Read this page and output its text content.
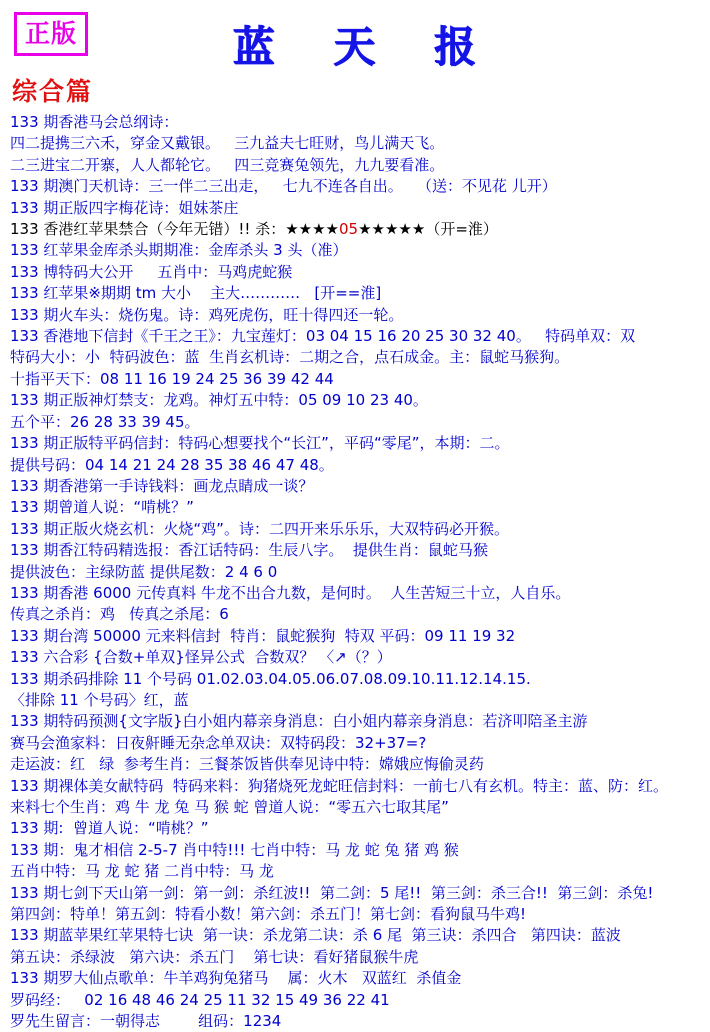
正版	蓝 天 报
综合篇
133 期香港马会总纲诗：
四二提携三六禾，穿金又戴银。   三九益夫七旺财，鸟儿满天飞。
二三进宝二开寨，人人都轮它。   四三竞赛兔领先，九九要看准。
133 期澳门天机诗：三一伴二三出走，   七九不连各自出。   （送：不见花 儿开）
133 期正版四字梅花诗：姐妹茶庄
133 香港红苹果禁合（今年无错）!! 杀：★★★★05★★★★★（开=淮）
133 红苹果金库杀头期期准：金库杀头 3 头（准）
133 博特码大公开     五肖中：马鸡虎蛇猴
133 红苹果※期期 tm 大小    主大…………   [开==淮]
133 期火车头：烧伤鬼。诗：鸡死虎伤，旺十得四还一轮。
133 香港地下信封《千王之王》：九宝莲灯：03 04 15 16 20 25 30 32 40。   特码单双：双
特码大小：小  特码波色：蓝  生肖玄机诗：二期之合，点石成金。主：鼠蛇马猴狗。
十指平天下：08 11 16 19 24 25 36 39 42 44
133 期正版神灯禁支：龙鸡。神灯五中特：05 09 10 23 40。
五个平：26 28 33 39 45。
133 期正版特平码信封：特码心想要找个“长江”，平码“零尾”，本期：二。
提供号码：04 14 21 24 28 35 38 46 47 48。
133 期香港第一手诗钱料：画龙点睛成一谈？
133 期曾道人说：“啃桃？”
133 期正版火烧玄机：火烧“鸡”。诗：二四开来乐乐乐，大双特码必开猴。
133 期香江特码精选报：香江话特码：生辰八字。  提供生肖：鼠蛇马猴
提供波色：主绿防蓝 提供尾数：2 4 6 0
133 期香港 6000 元传真料 牛龙不出合九数，是何时。  人生苦短三十立，人自乐。
传真之杀肖：鸡   传真之杀尾：6
133 期台湾 50000 元来料信封  特肖：鼠蛇猴狗  特双 平码：09 11 19 32
133 六合彩 {合数+单双}怪异公式  合数双？ 〈↗（？）
133 期杀码排除 11 个号码 01.02.03.04.05.06.07.08.09.10.11.12.14.15.
〈排除 11 个号码〉红，蓝
133 期特码预测{文字版}白小姐内幕亲身消息：白小姐内幕亲身消息：若济叩陪圣主游
赛马会渔家料：日夜鼾睡无杂念单双诀：双特码段：32+37=?
走运波：红   绿  参考生肖：三餐茶饭皆供奉见诗中特：嫦娥应悔偷灵药
133 期裸体美女献特码  特码来料：狗猪烧死龙蛇旺信封料：一前七八有玄机。特主：蓝、防：红。
来料七个生肖：鸡 牛 龙 兔 马 猴 蛇 曾道人说：“零五六七取其尾”
133 期:  曾道人说：“啃桃？”
133 期：鬼才相信 2-5-7 肖中特!!! 七肖中特：马 龙 蛇 兔 猪 鸡 猴
五肖中特：马 龙 蛇 猪 二肖中特：马 龙
133 期七剑下天山第一剑：第一剑：杀红波!!  第二剑：5 尾!!  第三剑：杀三合!!  第三剑：杀兔!
第四剑：特单！第五剑：特看小数！第六剑：杀五门！第七剑：看狗鼠马牛鸡!
133 期蓝苹果红苹果特七诀  第一诀：杀龙第二诀：杀 6 尾  第三诀：杀四合   第四诀：蓝波
第五诀：杀绿波   第六诀：杀五门    第七诀：看好猪鼠猴牛虎
133 期罗大仙点歌单：牛羊鸡狗兔猪马    属：火木   双蓝红  杀值金
罗码经：   02 16 48 46 24 25 11 32 15 49 36 22 41
罗先生留言：一朝得志        组码：1234
